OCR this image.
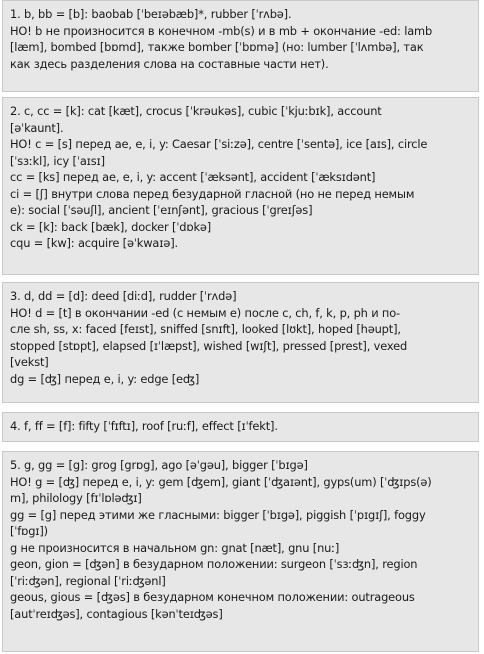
1. b, bb = [b]: baobab [ˈbeɪəbæb]*, rubber [ˈrʌbə].
HO! b не произносится в конечном -mb(s) и в mb + окончание -ed: lamb
[læm], bombed [bɒmd], также bomber [ˈbɒmə] (но: lumber [ˈlʌmbə], так
как здесь разделения слова на составные части нет).
2. c, cc = [k]: cat [kæt], crocus [ˈkrəukəs], cubic [ˈkjuːbɪk], account
[əˈkaunt].
HO! c = [s] перед ae, e, i, y: Caesar [ˈsiːzə], centre [ˈsentə], ice [aɪs], circle
[ˈsɜːkl], icy [ˈaɪsɪ]
cc = [ks] перед ae, e, i, y: accent [ˈæksənt], accident [ˈæksɪdənt]
ci = [ʃ] внутри слова перед безударной гласной (но не перед немым
e): social [ˈsəuʃl], ancient [ˈeɪnʃənt], gracious [ˈgreɪʃəs]
ck = [k]: back [bæk], docker [ˈdɒkə]
cqu = [kw]: acquire [əˈkwaɪə].
3. d, dd = [d]: deed [diːd], rudder [ˈrʌdə]
HO! d = [t] в окончании -ed (с немым e) после c, ch, f, k, p, ph и по-
сле sh, ss, x: faced [feɪst], sniffed [snɪft], looked [lʊkt], hoped [həupt],
stopped [stɒpt], elapsed [ɪˈlæpst], wished [wɪʃt], pressed [prest], vexed
[vekst]
dg = [ʤ] перед e, i, y: edge [eʤ]
4. f, ff = [f]: fifty [ˈfɪftɪ], roof [ruːf], effect [ɪˈfekt].
5. g, gg = [g]: grog [grɒg], ago [əˈgəu], bigger [ˈbɪgə]
HO! g = [ʤ] перед e, i, y: gem [ʤem], giant [ˈʤaɪənt], gyps(um) [ˈʤɪps(ə)
m], philology [fɪˈlɒləʤɪ]
gg = [g] перед этими же гласными: bigger [ˈbɪgə], piggish [ˈpɪgɪʃ], foggy
[ˈfɒgɪ])
g не произносится в начальном gn: gnat [næt], gnu [nuː]
geon, gion = [ʤən] в безударном положении: surgeon [ˈsɜːʤn], region
[ˈriːʤən], regional [ˈriːʤənl]
geous, gious = [ʤəs] в безударном конечном положении: outrageous
[autˈreɪʤəs], contagious [kənˈteɪʤəs]
